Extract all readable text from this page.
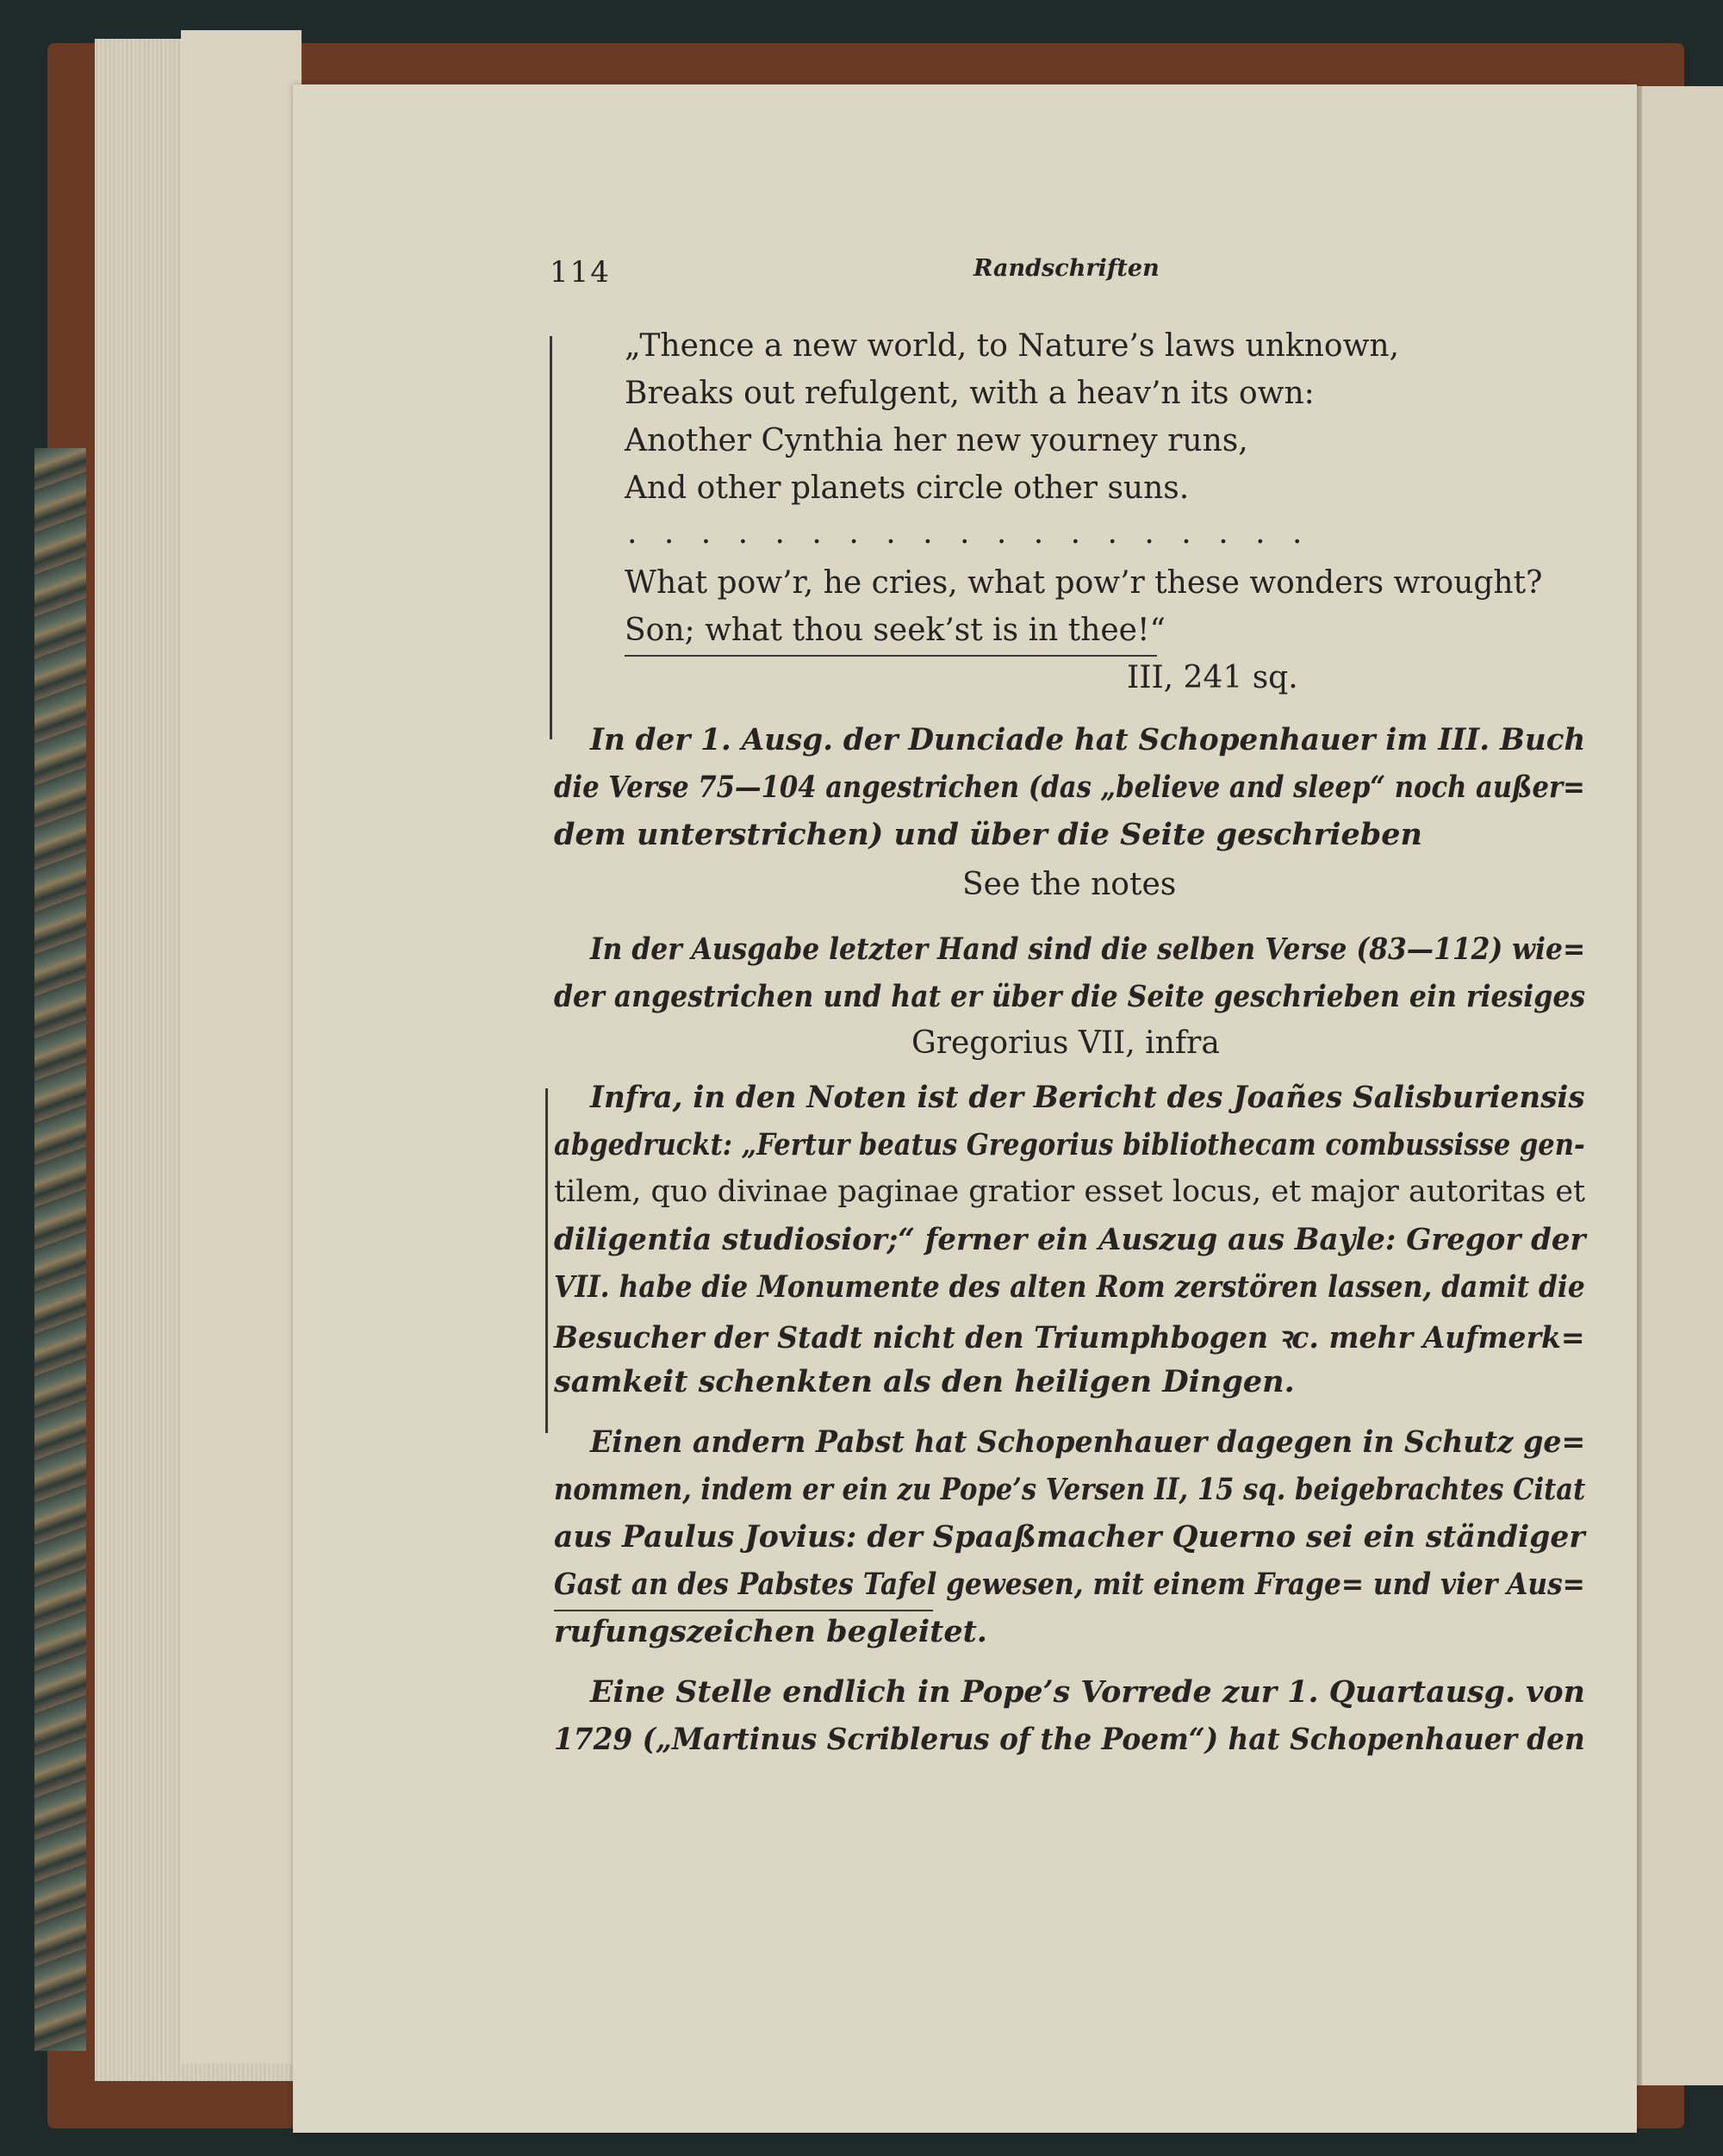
114	Randschriften
„Thence a new world, to Nature’s laws unknown,
Breaks out refulgent, with a heav’n its own:
Another Cynthia her new yourney runs,
And other planets circle other suns.
. . . . . . . . . . . . . . . . . . .
What pow’r, he cries, what pow’r these wonders wrought?
Son; what thou seek’st is in thee!“
III, 241 sq.
In der 1. Ausg. der Dunciade hat Schopenhauer im III. Buch
die Verse 75—104 angestrichen (das „believe and sleep“ noch außer=
dem unterstrichen) und über die Seite geschrieben
See the notes
In der Ausgabe letzter Hand sind die selben Verse (83—112) wie=
der angestrichen und hat er über die Seite geschrieben ein riesiges
Gregorius VII, infra
Infra, in den Noten ist der Bericht des Joañes Salisburiensis
abgedruckt: „Fertur beatus Gregorius bibliothecam combussisse gen-
tilem, quo divinae paginae gratior esset locus, et major autoritas et
diligentia studiosior;“ ferner ein Auszug aus Bayle: Gregor der
VII. habe die Monumente des alten Rom zerstören lassen, damit die
Besucher der Stadt nicht den Triumphbogen ꝛc. mehr Aufmerk=
samkeit schenkten als den heiligen Dingen.
Einen andern Pabst hat Schopenhauer dagegen in Schutz ge=
nommen, indem er ein zu Pope’s Versen II, 15 sq. beigebrachtes Citat
aus Paulus Jovius: der Spaaßmacher Querno sei ein ständiger
Gast an des Pabstes Tafel gewesen, mit einem Frage= und vier Aus=
rufungszeichen begleitet.
Eine Stelle endlich in Pope’s Vorrede zur 1. Quartausg. von
1729 („Martinus Scriblerus of the Poem“) hat Schopenhauer den
